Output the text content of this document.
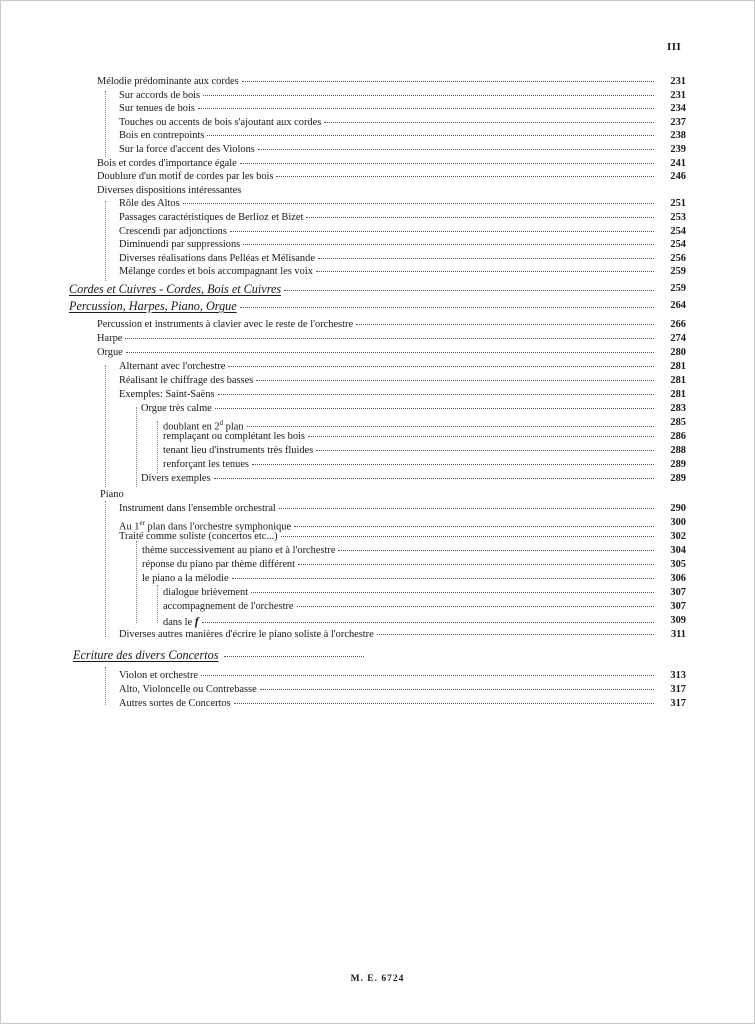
III
Mélodie prédominante aux cordes	231
Sur accords de bois	231
Sur tenues de bois	234
Touches ou accents de bois s'ajoutant aux cordes	237
Bois en contrepoints	238
Sur la force d'accent des Violons	239
Bois et cordes d'importance égale	241
Doublure d'un motif de cordes par les bois	246
Diverses dispositions intéressantes
Rôle des Altos	251
Passages caractéristiques de Berlioz et Bizet	253
Crescendi par adjonctions	254
Diminuendi par suppressions	254
Diverses réalisations dans Pelléas et Mélisande	256
Mélange cordes et bois accompagnant les voix	259
Cordes et Cuivres - Cordes, Bois et Cuivres	259
Percussion, Harpes, Piano, Orgue	264
Percussion et instruments à clavier avec le reste de l'orchestre	266
Harpe	274
Orgue	280
Alternant avec l'orchestre	281
Réalisant le chiffrage des basses	281
Exemples: Saint-Saëns	281
Orgue très calme	283
doublant en 2$^d$ plan	285
remplaçant ou complétant les bois	286
tenant lieu d'instruments très fluides	288
renforçant les tenues	289
Divers exemples	289
Piano
Instrument dans l'ensemble orchestral	290
Au 1er plan dans l'orchestre symphonique	300
Traité comme soliste (concertos etc...)	302
thème successivement au piano et à l'orchestre	304
réponse du piano par thème différent	305
le piano a la mélodie	306
dialogue brièvement	307
accompagnement de l'orchestre	307
dans le f	309
Diverses autres manières d'écrire le piano soliste à l'orchestre	311
Ecriture des divers Concertos
Violon et orchestre	313
Alto, Violoncelle ou Contrebasse	317
Autres sortes de Concertos	317
M. E. 6724
